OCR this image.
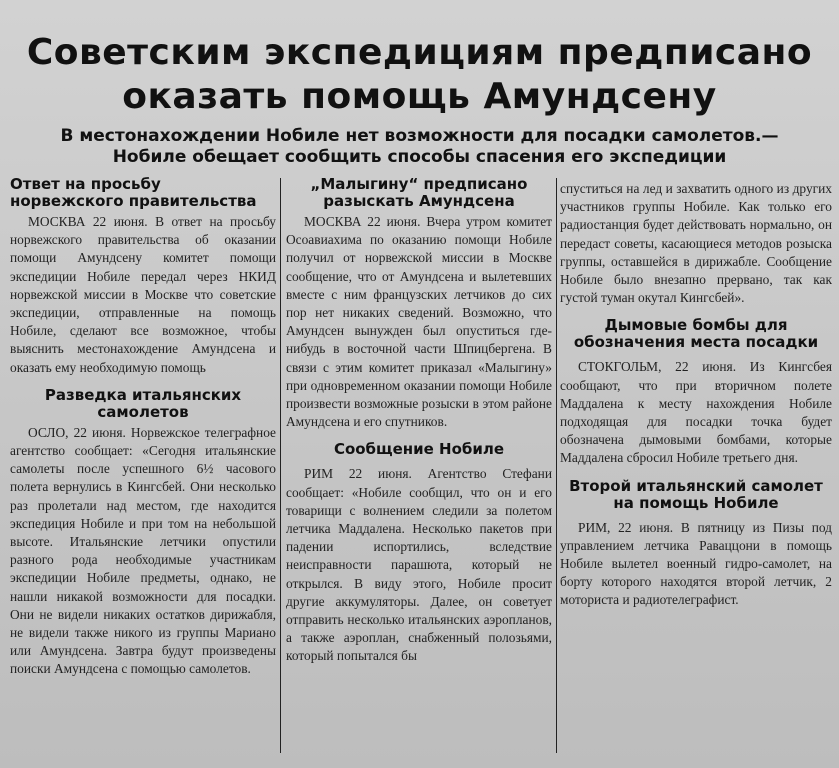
Советским экспедициям предписано
оказать помощь Амундсену
В местонахождении Нобиле нет возможности для посадки самолетов.—
Нобиле обещает сообщить способы спасения его экспедиции
Ответ на просьбу норвежского правительства

МОСКВА 22 июня. В ответ на просьбу норвежского правительства об оказании помощи Амундсену комитет помощи экспедиции Нобиле передал через НКИД норвежской миссии в Москве что советские экспедиции, отправленные на помощь Нобиле, сделают все возможное, чтобы выяснить местонахождение Амундсена и оказать ему необходимую помощь

Разведка итальянских самолетов

ОСЛО, 22 июня. Норвежское телеграфное агентство сообщает: «Сегодня итальянские самолеты после успешного 6½ часового полета вернулись в Кингсбей. Они несколько раз пролетали над местом, где находится экспедиция Нобиле и при том на небольшой высоте. Итальянские летчики опустили разного рода необходимые участникам экспедиции Нобиле предметы, однако, не нашли никакой возможности для посадки. Они не видели никаких остатков дирижабля, не видели также никого из группы Мариано или Амундсена. Завтра будут произведены поиски Амундсена с помощью самолетов.

„Малыгину“ предписано разыскать Амундсена

МОСКВА 22 июня. Вчера утром комитет Осоавиахима по оказанию помощи Нобиле получил от норвежской миссии в Москве сообщение, что от Амундсена и вылетевших вместе с ним французских летчиков до сих пор нет никаких сведений. Возможно, что Амундсен вынужден был опуститься где-нибудь в восточной части Шпицбергена. В связи с этим комитет приказал «Малыгину» при одновременном оказании помощи Нобиле произвести возможные розыски в этом районе Амундсена и его спутников.

Сообщение Нобиле

РИМ 22 июня. Агентство Стефани сообщает: «Нобиле сообщил, что он и его товарищи с волнением следили за полетом летчика Маддалена. Несколько пакетов при падении испортились, вследствие неисправности парашюта, который не открылся. В виду этого, Нобиле просит другие аккумуляторы. Далее, он советует отправить несколько итальянских аэропланов, а также аэроплан, снабженный полозьями, который попытался бы

спуститься на лед и захватить одного из других участников группы Нобиле. Как только его радиостанция будет действовать нормально, он передаст советы, касающиеся методов розыска группы, оставшейся в дирижабле. Сообщение Нобиле было внезапно прервано, так как густой туман окутал Кингсбей».

Дымовые бомбы для обозначения места посадки

СТОКГОЛЬМ, 22 июня. Из Кингсбея сообщают, что при вторичном полете Маддалена к месту нахождения Нобиле подходящая для посадки точка будет обозначена дымовыми бомбами, которые Маддалена сбросил Нобиле третьего дня.

Второй итальянский самолет на помощь Нобиле

РИМ, 22 июня. В пятницу из Пизы под управлением летчика Раваццони в помощь Нобиле вылетел военный гидро-самолет, на борту которого находятся второй летчик, 2 моториста и радиотелеграфист.
